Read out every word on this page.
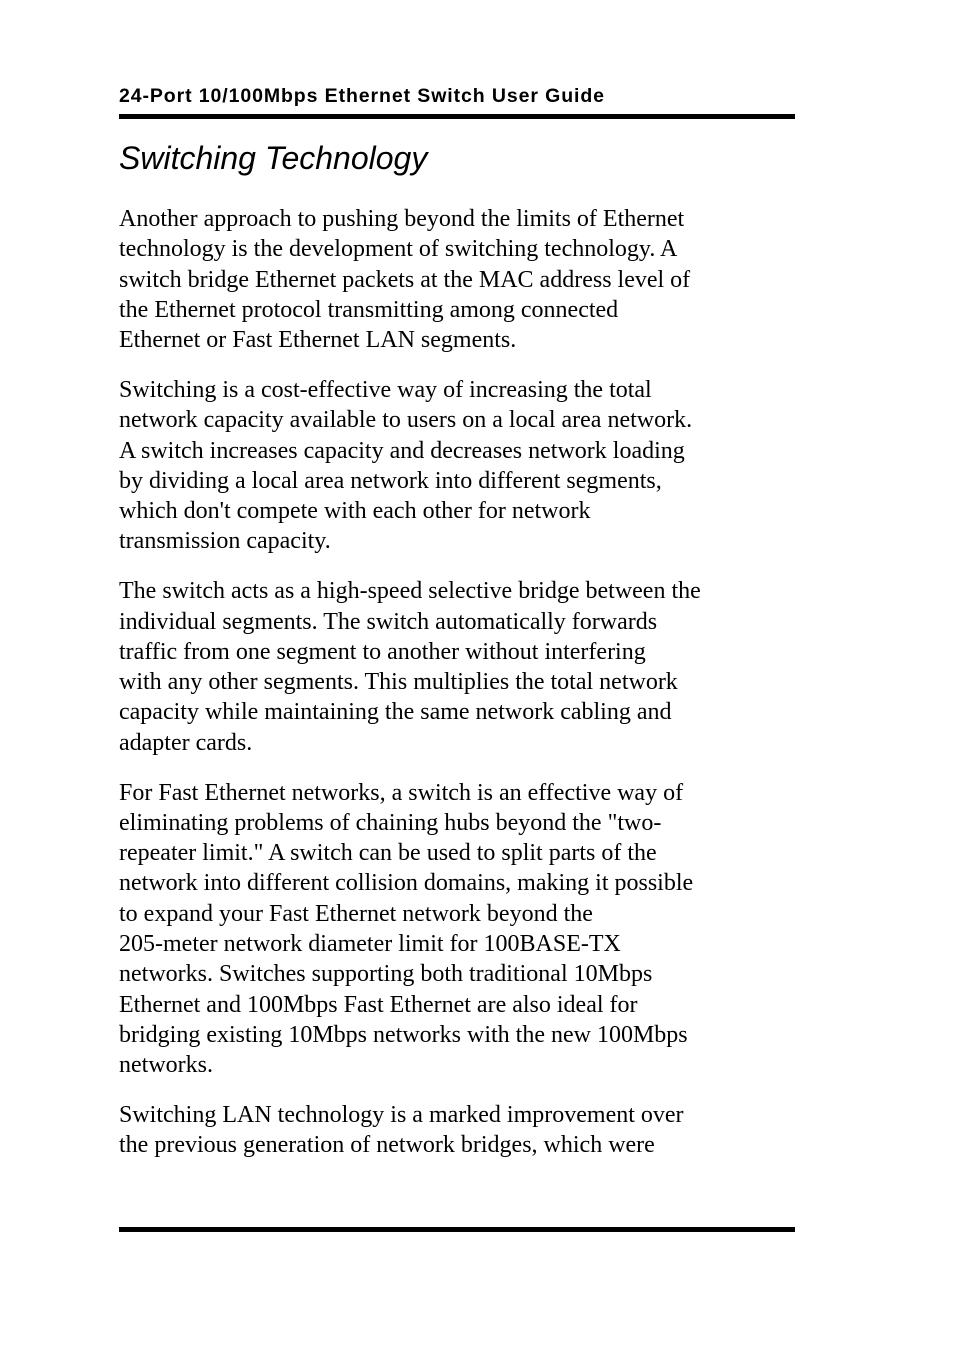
24-Port 10/100Mbps Ethernet Switch User Guide
Switching Technology

Another approach to pushing beyond the limits of Ethernet
technology is the development of switching technology. A
switch bridge Ethernet packets at the MAC address level of
the Ethernet protocol transmitting among connected
Ethernet or Fast Ethernet LAN segments.

Switching is a cost-effective way of increasing the total
network capacity available to users on a local area network.
A switch increases capacity and decreases network loading
by dividing a local area network into different segments,
which don't compete with each other for network
transmission capacity.

The switch acts as a high-speed selective bridge between the
individual segments. The switch automatically forwards
traffic from one segment to another without interfering
with any other segments. This multiplies the total network
capacity while maintaining the same network cabling and
adapter cards.

For Fast Ethernet networks, a switch is an effective way of
eliminating problems of chaining hubs beyond the "two-
repeater limit." A switch can be used to split parts of the
network into different collision domains, making it possible
to expand your Fast Ethernet network beyond the
205-meter network diameter limit for 100BASE-TX
networks. Switches supporting both traditional 10Mbps
Ethernet and 100Mbps Fast Ethernet are also ideal for
bridging existing 10Mbps networks with the new 100Mbps
networks.

Switching LAN technology is a marked improvement over
the previous generation of network bridges, which were
